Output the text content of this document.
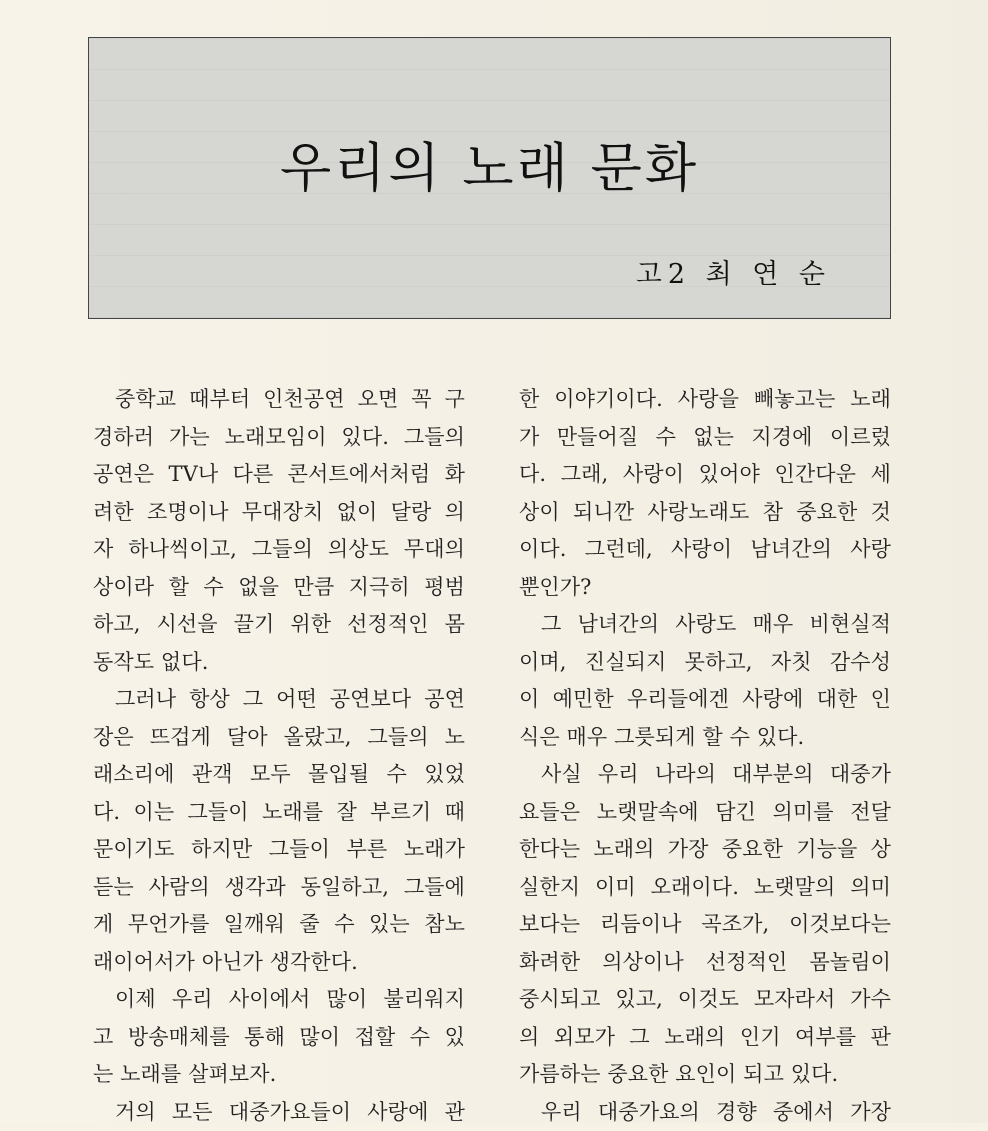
우리의 노래 문화
고2 최 연 순
중학교 때부터 인천공연 오면 꼭 구
경하러 가는 노래모임이 있다. 그들의
공연은 TV나 다른 콘서트에서처럼 화
려한 조명이나 무대장치 없이 달랑 의
자 하나씩이고, 그들의 의상도 무대의
상이라 할 수 없을 만큼 지극히 평범
하고, 시선을 끌기 위한 선정적인 몸
동작도 없다.
그러나 항상 그 어떤 공연보다 공연
장은 뜨겁게 달아 올랐고, 그들의 노
래소리에 관객 모두 몰입될 수 있었
다. 이는 그들이 노래를 잘 부르기 때
문이기도 하지만 그들이 부른 노래가
듣는 사람의 생각과 동일하고, 그들에
게 무언가를 일깨워 줄 수 있는 참노
래이어서가 아닌가 생각한다.
이제 우리 사이에서 많이 불리워지
고 방송매체를 통해 많이 접할 수 있
는 노래를 살펴보자.
거의 모든 대중가요들이 사랑에 관
한 이야기이다. 사랑을 빼놓고는 노래
가 만들어질 수 없는 지경에 이르렀
다. 그래, 사랑이 있어야 인간다운 세
상이 되니깐 사랑노래도 참 중요한 것
이다. 그런데, 사랑이 남녀간의 사랑
뿐인가?
그 남녀간의 사랑도 매우 비현실적
이며, 진실되지 못하고, 자칫 감수성
이 예민한 우리들에겐 사랑에 대한 인
식은 매우 그릇되게 할 수 있다.
사실 우리 나라의 대부분의 대중가
요들은 노랫말속에 담긴 의미를 전달
한다는 노래의 가장 중요한 기능을 상
실한지 이미 오래이다. 노랫말의 의미
보다는 리듬이나 곡조가, 이것보다는
화려한 의상이나 선정적인 몸놀림이
중시되고 있고, 이것도 모자라서 가수
의 외모가 그 노래의 인기 여부를 판
가름하는 중요한 요인이 되고 있다.
우리 대중가요의 경향 중에서 가장
